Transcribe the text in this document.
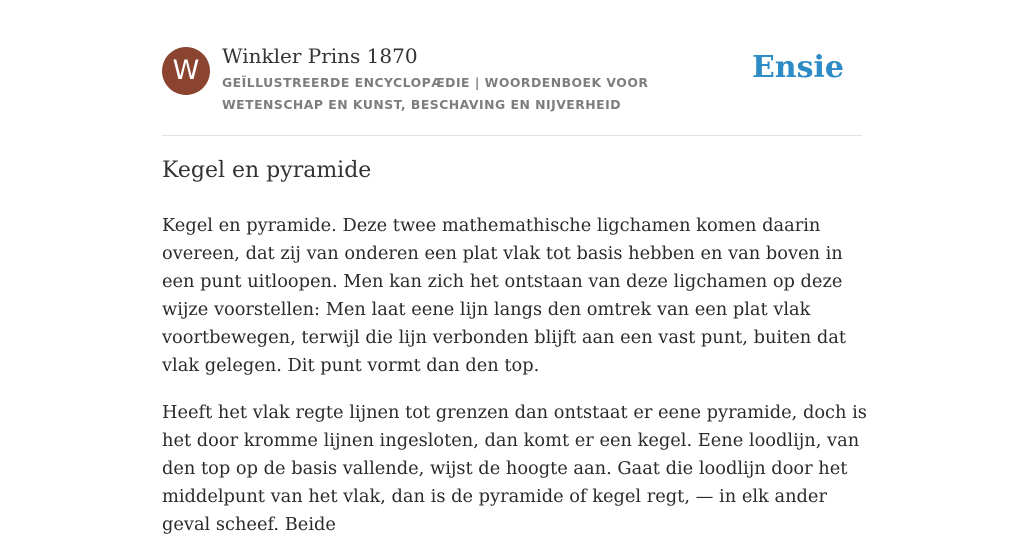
W	Winkler Prins 1870
GEÏLLUSTREERDE ENCYCLOPÆDIE | WOORDENBOEK VOOR WETENSCHAP EN KUNST, BESCHAVING EN NIJVERHEID
Ensie
Kegel en pyramide

Kegel en pyramide. Deze twee mathemathische ligchamen komen daarin overeen, dat zij van onderen een plat vlak tot basis hebben en van boven in een punt uitloopen. Men kan zich het ontstaan van deze ligchamen op deze wijze voorstellen: Men laat eene lijn langs den omtrek van een plat vlak voortbewegen, terwijl die lijn verbonden blijft aan een vast punt, buiten dat vlak gelegen. Dit punt vormt dan den top.

Heeft het vlak regte lijnen tot grenzen dan ontstaat er eene pyramide, doch is het door kromme lijnen ingesloten, dan komt er een kegel. Eene loodlijn, van den top op de basis vallende, wijst de hoogte aan. Gaat die loodlijn door het middelpunt van het vlak, dan is de pyramide of kegel regt, — in elk ander geval scheef. Beide
